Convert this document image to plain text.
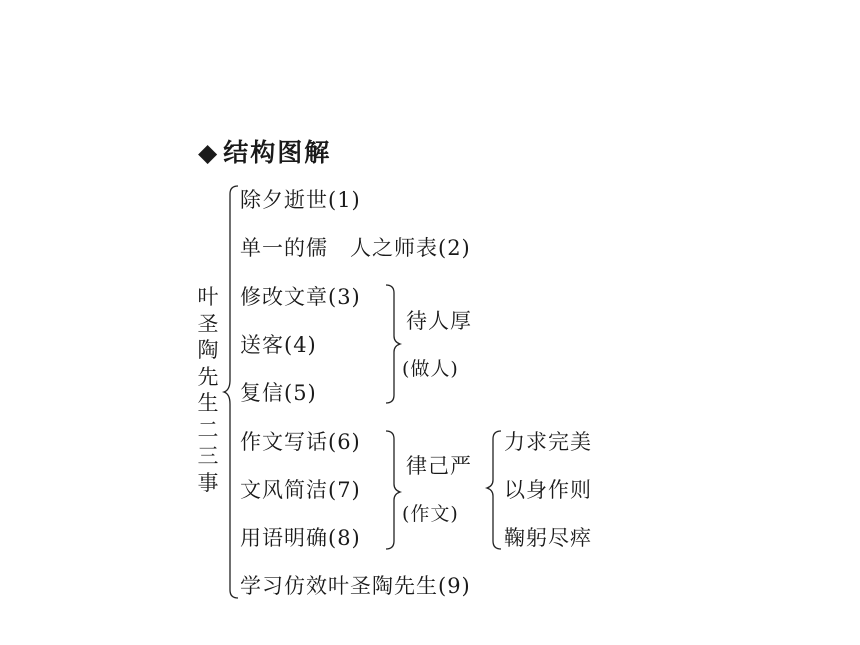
◆ 结构图解
叶
圣
陶
先
生
二
三
事
除夕逝世(1)
单一的儒　人之师表(2)
修改文章(3)
送客(4)
复信(5)
作文写话(6)
文风简洁(7)
用语明确(8)
学习仿效叶圣陶先生(9)
待人厚
(做人)
律己严
(作文)
力求完美
以身作则
鞠躬尽瘁
